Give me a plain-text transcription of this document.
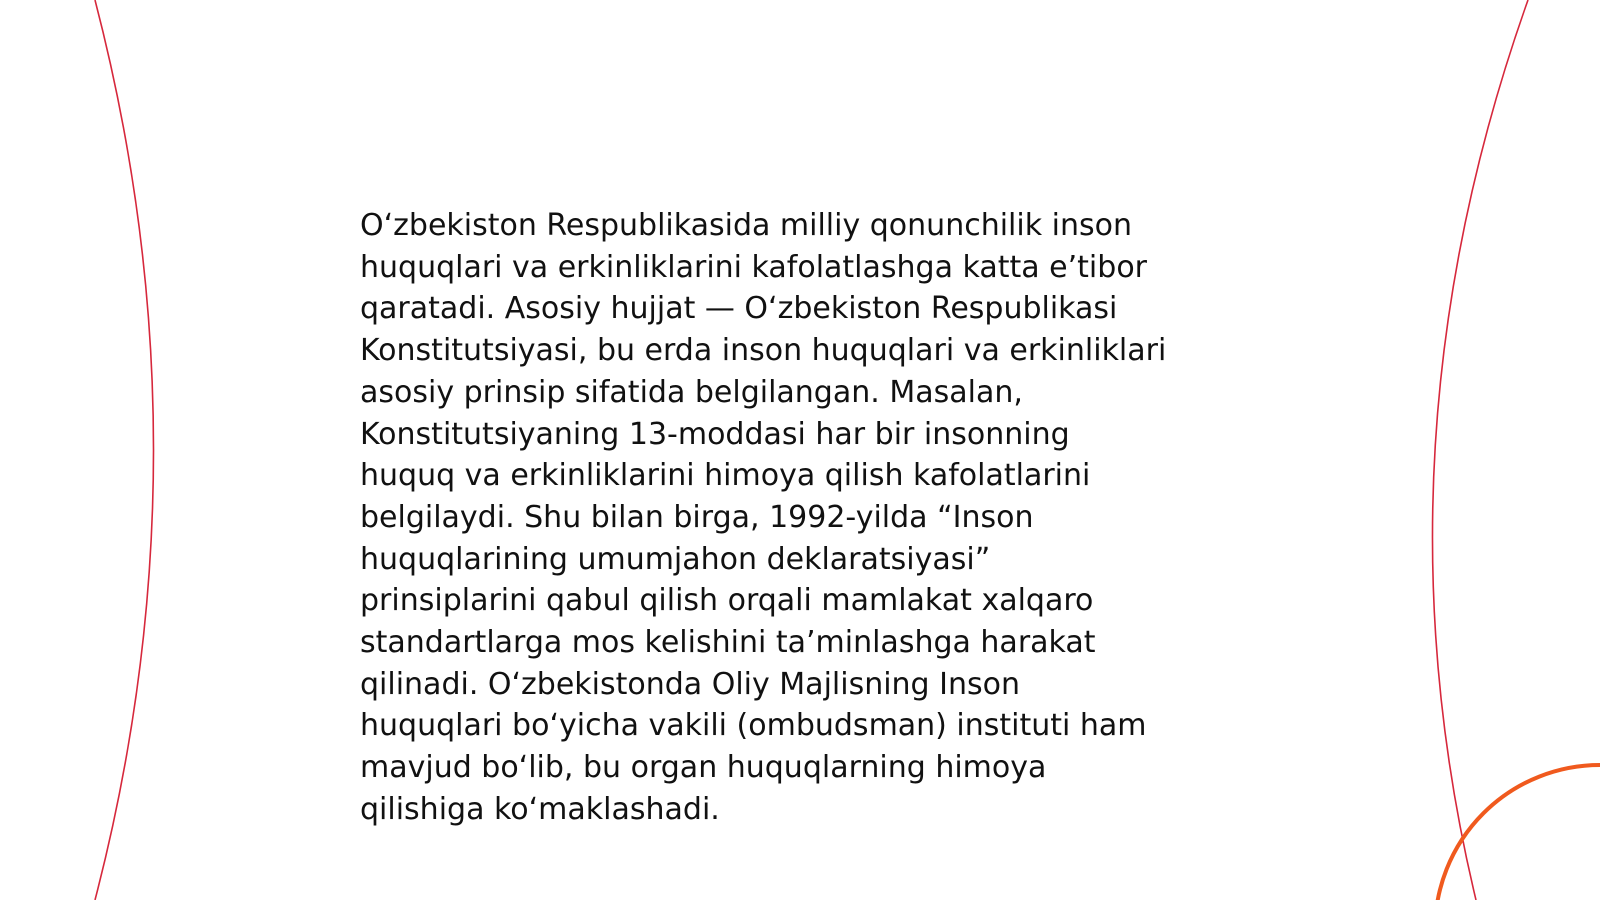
O‘zbekiston Respublikasida milliy qonunchilik inson
huquqlari va erkinliklarini kafolatlashga katta e’tibor
qaratadi. Asosiy hujjat — O‘zbekiston Respublikasi
Konstitutsiyasi, bu erda inson huquqlari va erkinliklari
asosiy prinsip sifatida belgilangan. Masalan,
Konstitutsiyaning 13-moddasi har bir insonning
huquq va erkinliklarini himoya qilish kafolatlarini
belgilaydi. Shu bilan birga, 1992-yilda “Inson
huquqlarining umumjahon deklaratsiyasi”
prinsiplarini qabul qilish orqali mamlakat xalqaro
standartlarga mos kelishini ta’minlashga harakat
qilinadi. O‘zbekistonda Oliy Majlisning Inson
huquqlari bo‘yicha vakili (ombudsman) instituti ham
mavjud bo‘lib, bu organ huquqlarning himoya
qilishiga ko‘maklashadi.
